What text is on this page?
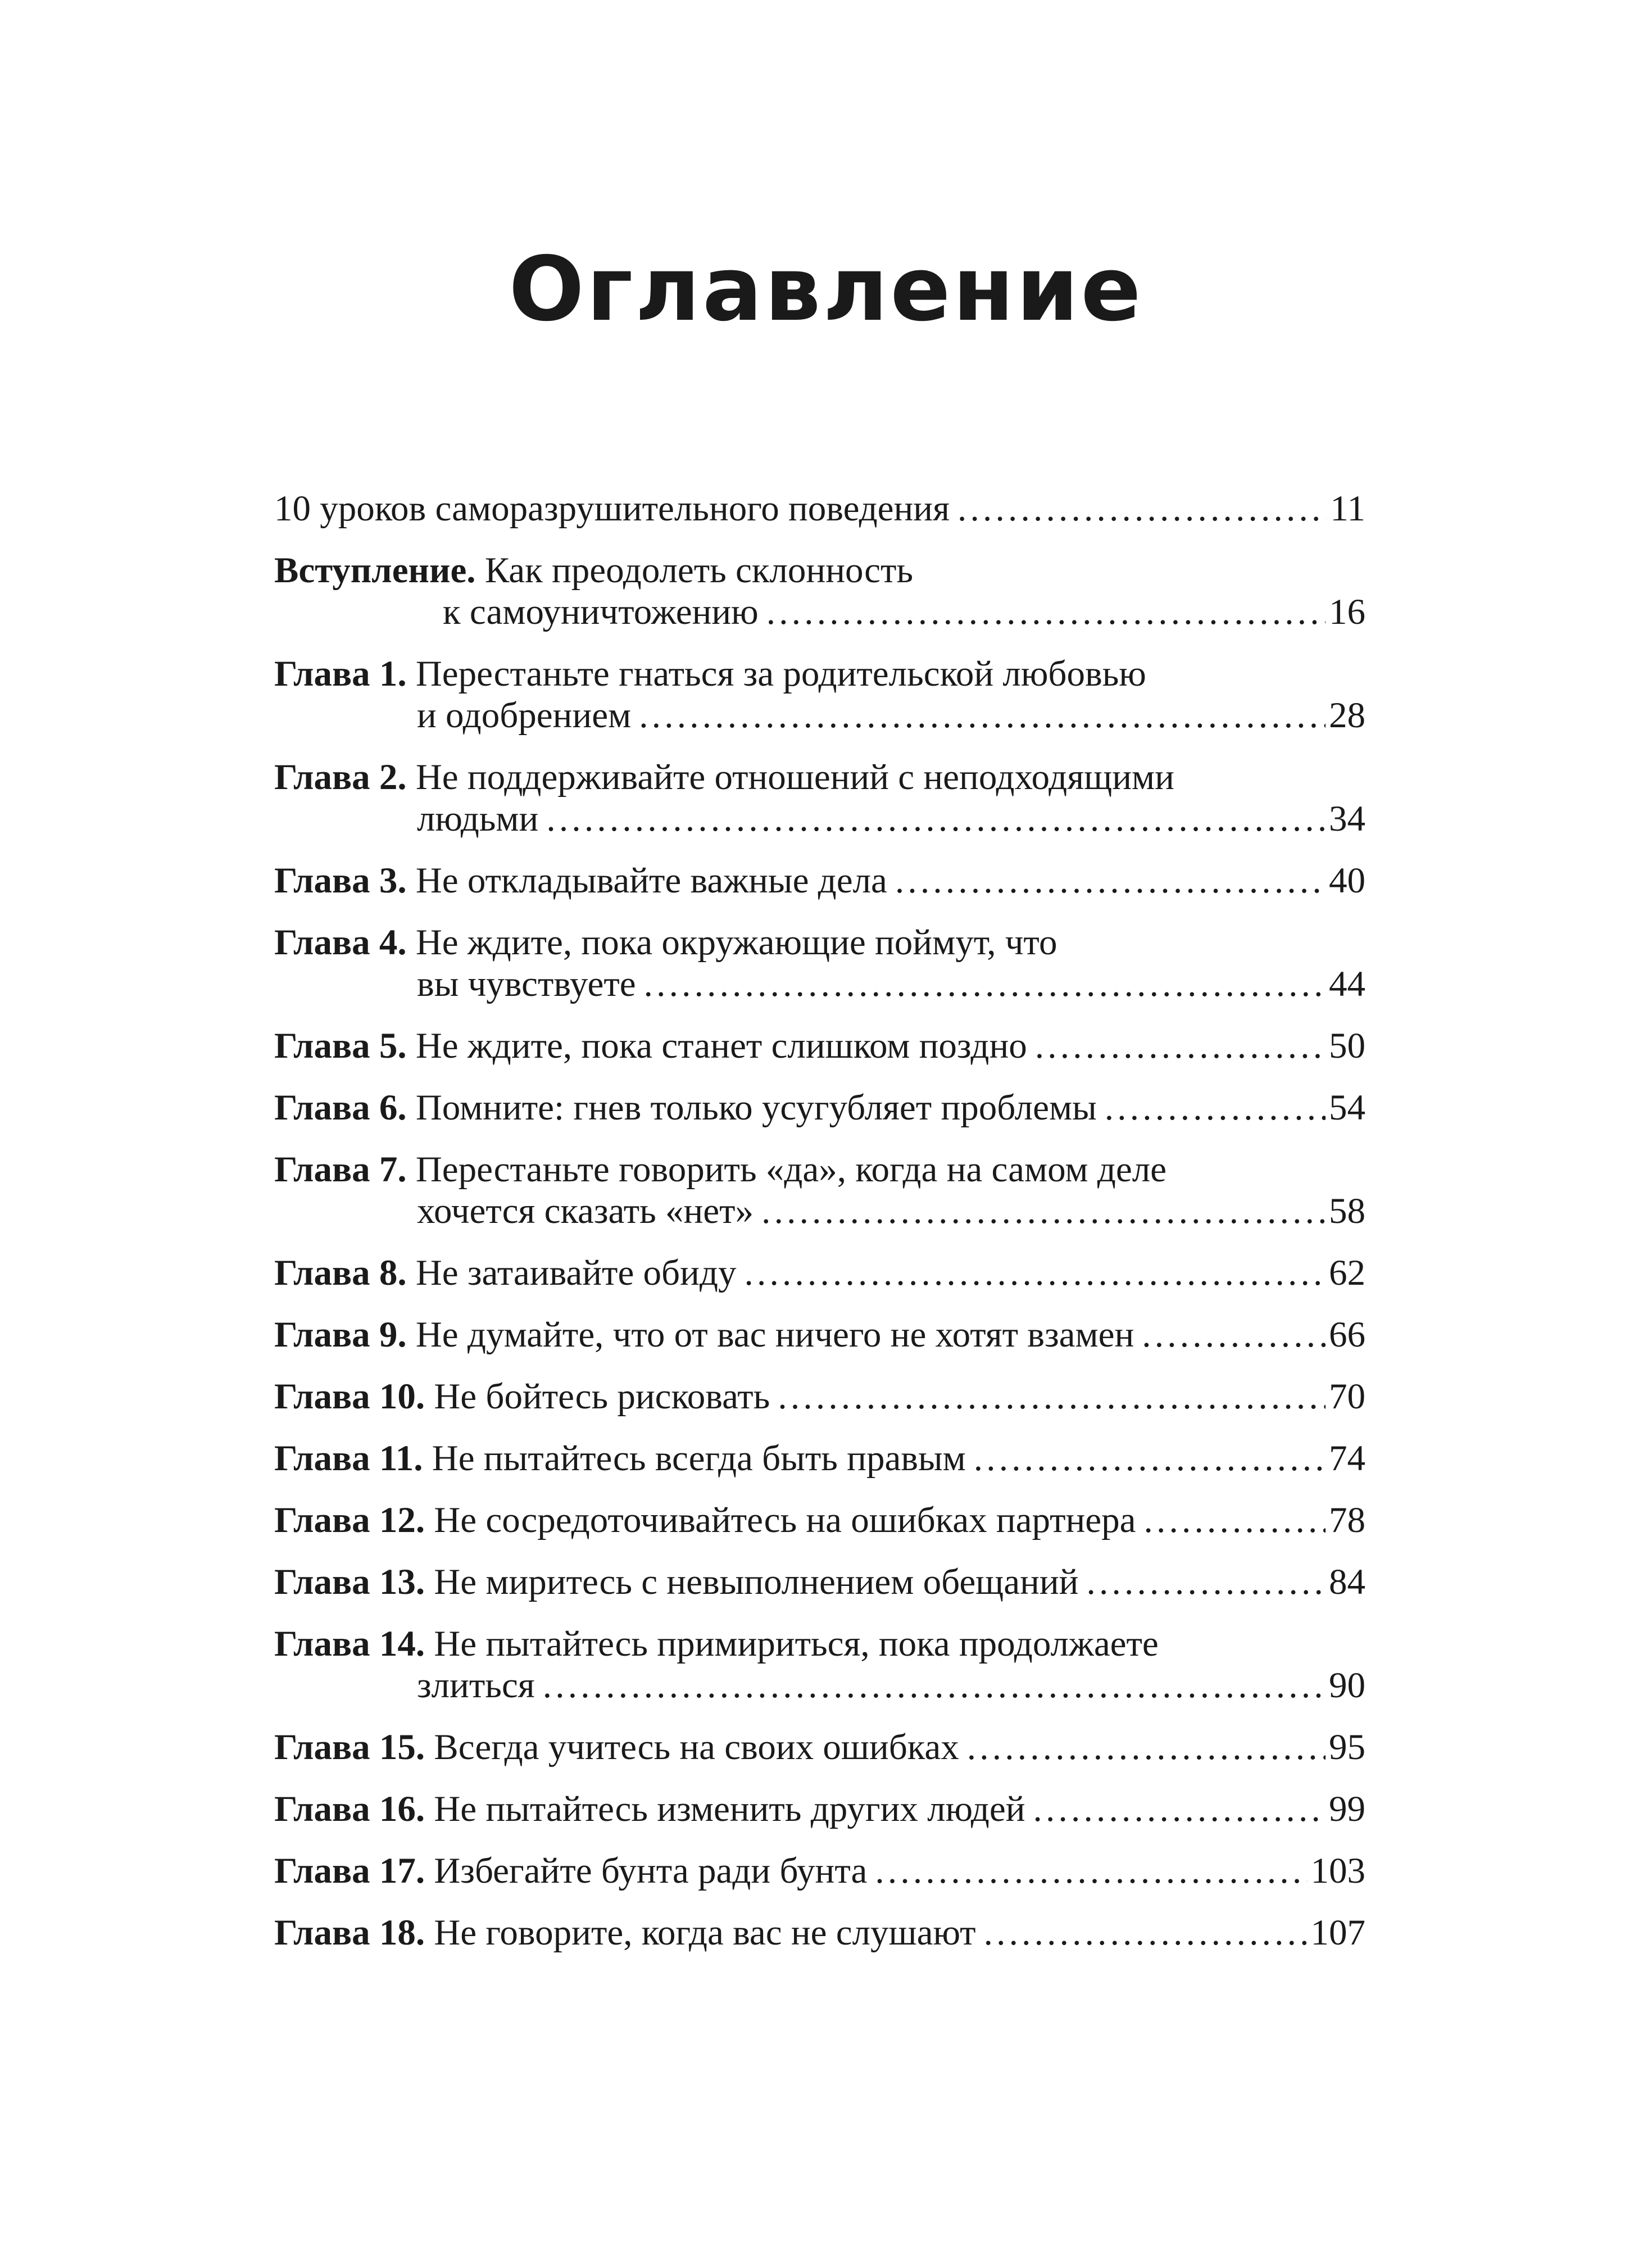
Оглавление
10 уроков саморазрушительного поведения . . .	11
Вступление. Как преодолеть склонность
к самоуничтожению . . .	16
Глава 1. Перестаньте гнаться за родительской любовью
и одобрением . . .	28
Глава 2. Не поддерживайте отношений с неподходящими
людьми . . .	34
Глава 3. Не откладывайте важные дела . . .	40
Глава 4. Не ждите, пока окружающие поймут, что
вы чувствуете . . .	44
Глава 5. Не ждите, пока станет слишком поздно . . .	50
Глава 6. Помните: гнев только усугубляет проблемы . . .	54
Глава 7. Перестаньте говорить «да», когда на самом деле
хочется сказать «нет» . . .	58
Глава 8. Не затаивайте обиду . . .	62
Глава 9. Не думайте, что от вас ничего не хотят взамен . . .	66
Глава 10. Не бойтесь рисковать . . .	70
Глава 11. Не пытайтесь всегда быть правым . . .	74
Глава 12. Не сосредоточивайтесь на ошибках партнера . . .	78
Глава 13. Не миритесь с невыполнением обещаний . . .	84
Глава 14. Не пытайтесь примириться, пока продолжаете
злиться . . .	90
Глава 15. Всегда учитесь на своих ошибках . . .	95
Глава 16. Не пытайтесь изменить других людей . . .	99
Глава 17. Избегайте бунта ради бунта . . .	103
Глава 18. Не говорите, когда вас не слушают . . .	107
